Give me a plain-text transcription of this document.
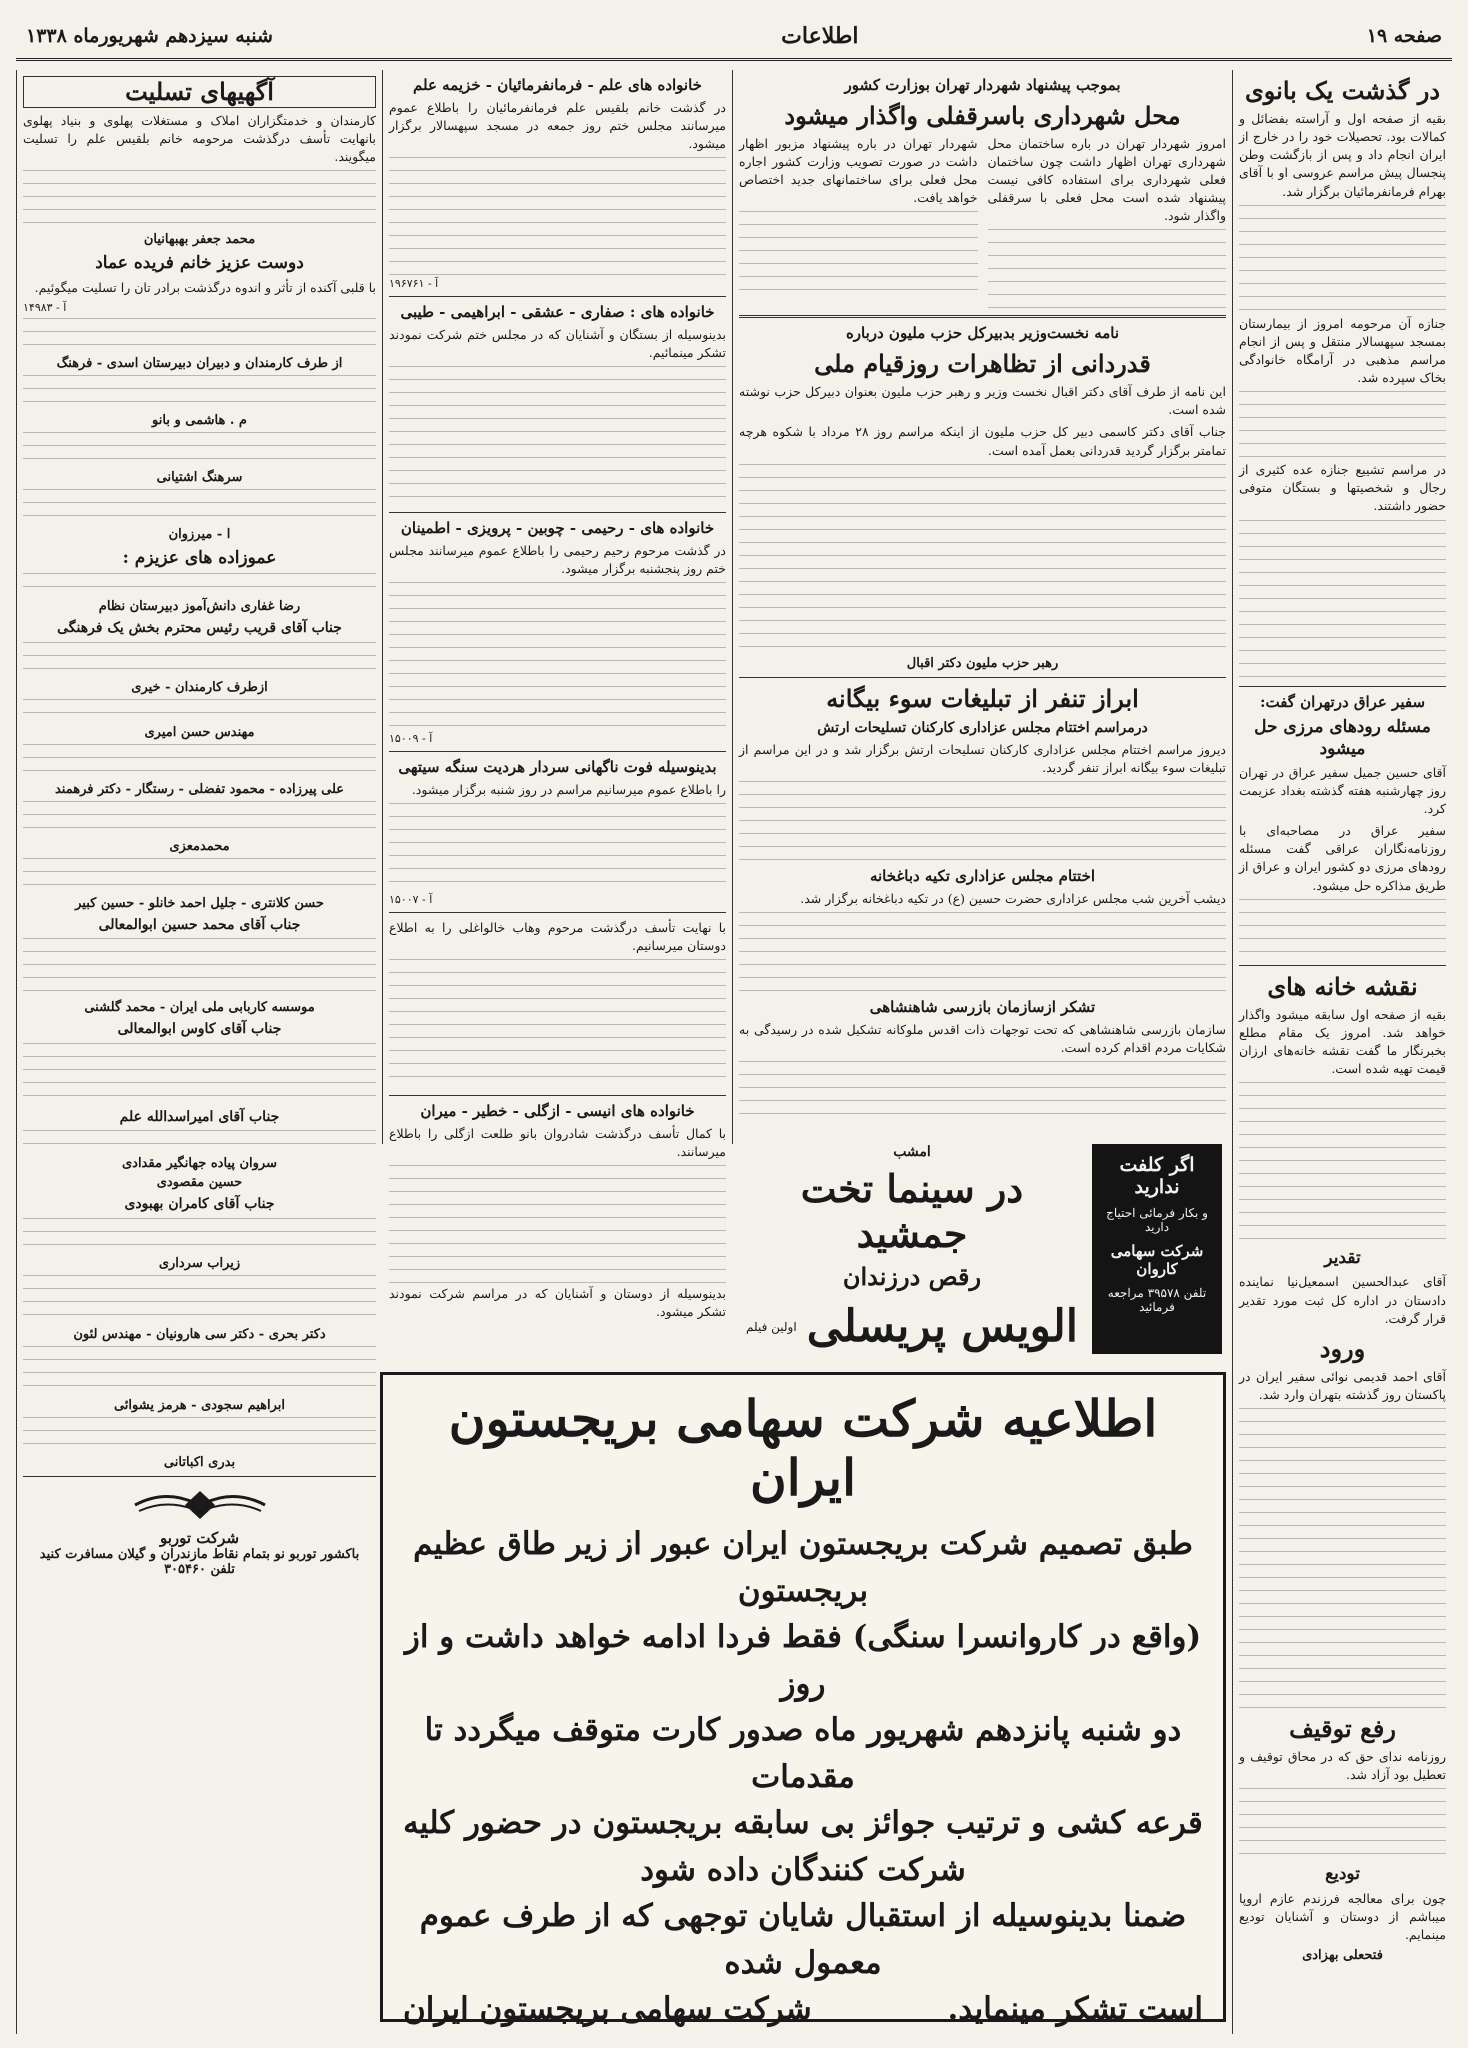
صفحه ۱۹
اطلاعات
شنبه سیزدهم شهریورماه ۱۳۳۸
در گذشت یک بانوی

بقیه از صفحه اول و آراسته بفضائل و کمالات بود. تحصیلات خود را در خارج از ایران انجام داد و پس از بازگشت وطن پنجسال پیش مراسم عروسی او با آقای بهرام فرمانفرمائیان برگزار شد.

جنازه آن مرحومه امروز از بیمارستان بمسجد سپهسالار منتقل و پس از انجام مراسم مذهبی در آرامگاه خانوادگی بخاک سپرده شد.

در مراسم تشییع جنازه عده کثیری از رجال و شخصیتها و بستگان متوفی حضور داشتند.

سفیر عراق درتهران گفت:
مسئله رودهای مرزی حل میشود

آقای حسین جمیل سفیر عراق در تهران روز چهارشنبه هفته گذشته بغداد عزیمت کرد.

سفیر عراق در مصاحبه‌ای با روزنامه‌نگاران عراقی گفت مسئله رودهای مرزی دو کشور ایران و عراق از طریق مذاکره حل میشود.

نقشه خانه های

بقیه از صفحه اول سابقه میشود واگذار خواهد شد. امروز یک مقام مطلع بخبرنگار ما گفت نقشه خانه‌های ارزان قیمت تهیه شده است.

تقدیر

آقای عبدالحسین اسمعیل‌نیا نماینده دادستان در اداره کل ثبت مورد تقدیر قرار گرفت.

ورود

آقای احمد قدیمی نوائی سفیر ایران در پاکستان روز گذشته بتهران وارد شد.

رفع توقیف

روزنامه ندای حق که در محاق توقیف و تعطیل بود آزاد شد.

تودیع

چون برای معالجه فرزندم عازم اروپا میباشم از دوستان و آشنایان تودیع مینمایم.

فتحعلی بهزادی
بموجب پیشنهاد شهردار تهران بوزارت کشور
محل شهرداری باسرقفلی واگذار میشود

امروز شهردار تهران در باره ساختمان محل شهرداری تهران اظهار داشت چون ساختمان فعلی شهرداری برای استفاده کافی نیست پیشنهاد شده است محل فعلی با سرقفلی واگذار شود.

شهردار تهران در باره پیشنهاد مزبور اظهار داشت در صورت تصویب وزارت کشور اجاره محل فعلی برای ساختمانهای جدید اختصاص خواهد یافت.

نامه نخست‌وزیر بدبیرکل حزب ملیون درباره
قدردانی از تظاهرات روزقیام ملی

این نامه از طرف آقای دکتر اقبال نخست وزیر و رهبر حزب ملیون بعنوان دبیرکل حزب نوشته شده است.

جناب آقای دکتر کاسمی دبیر کل حزب ملیون از اینکه مراسم روز ۲۸ مرداد با شکوه هرچه تمامتر برگزار گردید قدردانی بعمل آمده است.

رهبر حزب ملیون دکتر اقبال
ابراز تنفر از تبلیغات سوء بیگانه
درمراسم اختتام مجلس عزاداری کارکنان تسلیحات ارتش

دیروز مراسم اختتام مجلس عزاداری کارکنان تسلیحات ارتش برگزار شد و در این مراسم از تبلیغات سوء بیگانه ابراز تنفر گردید.

اختتام مجلس عزاداری تکیه دباغخانه

دیشب آخرین شب مجلس عزاداری حضرت حسین (ع) در تکیه دباغخانه برگزار شد.

تشکر ازسازمان بازرسی شاهنشاهی

سازمان بازرسی شاهنشاهی که تحت توجهات ذات اقدس ملوکانه تشکیل شده در رسیدگی به شکایات مردم اقدام کرده است.

اگر کلفت ندارید
و بکار فرمائی احتیاج دارید
شرکت سهامی کاروان
تلفن ۳۹۵۷۸ مراجعه فرمائید
امشب
در سینما تخت جمشید
رقص درزندان
الویس پریسلی
اولین فیلم
خانواده های علم - فرمانفرمائیان - خزیمه علم

در گذشت خانم بلقیس علم فرمانفرمائیان را باطلاع عموم میرسانند مجلس ختم روز جمعه در مسجد سپهسالار برگزار میشود.

آ - ۱۹۶۷۶۱
خانواده های : صفاری - عشقی - ابراهیمی - طیبی

بدینوسیله از بستگان و آشنایان که در مجلس ختم شرکت نمودند تشکر مینمائیم.

خانواده های - رحیمی - چوبین - پرویزی - اطمینان

در گذشت مرحوم رحیم رحیمی را باطلاع عموم میرسانند مجلس ختم روز پنجشنبه برگزار میشود.

آ - ۱۵۰۰۹
بدینوسیله فوت ناگهانی سردار هردیت سنگه سیتهی

را باطلاع عموم میرسانیم مراسم در روز شنبه برگزار میشود.

آ - ۱۵۰۰۷

با نهایت تأسف درگذشت مرحوم وهاب خالواغلی را به اطلاع دوستان میرسانیم.

خانواده های انیسی - ازگلی - خطیر - میران

با کمال تأسف درگذشت شادروان بانو طلعت ازگلی را باطلاع میرسانند.

بدینوسیله از دوستان و آشنایان که در مراسم شرکت نمودند تشکر میشود.

آگهیهای تسلیت

کارمندان و خدمتگزاران املاک و مستغلات پهلوی و بنیاد پهلوی بانهایت تأسف درگذشت مرحومه خانم بلقیس علم را تسلیت میگویند.

محمد جعفر بهبهانیان
دوست عزیز خانم فریده عماد

با قلبی آکنده از تأثر و اندوه درگذشت برادر تان را تسلیت میگوئیم.

آ - ۱۴۹۸۳
از طرف کارمندان و دبیران دبیرستان اسدی - فرهنگ
م . هاشمی و بانو
سرهنگ اشتیانی
ا - میرزوان
عموزاده های عزیزم :
رضا غفاری دانش‌آموز دبیرستان نظام
جناب آقای قریب رئیس محترم بخش یک فرهنگی
ازطرف کارمندان - خیری
مهندس حسن امیری
علی پیرزاده - محمود تفضلی - رستگار - دکتر فرهمند
محمدمعزی
حسن کلانتری - جلیل احمد خانلو - حسین کبیر
جناب آقای محمد حسین ابوالمعالی
موسسه کاربابی ملی ایران - محمد گلشنی
جناب آقای کاوس ابوالمعالی
جناب آقای امیراسدالله علم
سروان پیاده جهانگیر مقدادی
حسین مقصودی
جناب آقای کامران بهبودی
زیراب سرداری
دکتر بحری - دکتر سی هارونیان - مهندس لئون
ابراهیم سجودی - هرمز یشوائی
بدری اکباتانی
شرکت توربو
باکشور توربو نو بتمام نقاط مازندران و گیلان مسافرت کنید
تلفن ۳۰۵۴۶۰
اطلاعیه شرکت سهامی بریجستون ایران

طبق تصمیم شرکت بریجستون ایران عبور از زیر طاق عظیم بریجستون

(واقع در کاروانسرا سنگی) فقط فردا ادامه خواهد داشت و از روز

دو شنبه پانزدهم شهریور ماه صدور کارت متوقف میگردد تا مقدمات

قرعه کشی و ترتیب جوائز بی سابقه بریجستون در حضور کلیه

شرکت کنندگان داده شود

ضمنا بدینوسیله از استقبال شایان توجهی که از طرف عموم معمول شده

است تشکر مینماید.

شرکت سهامی بریجستون ایران
